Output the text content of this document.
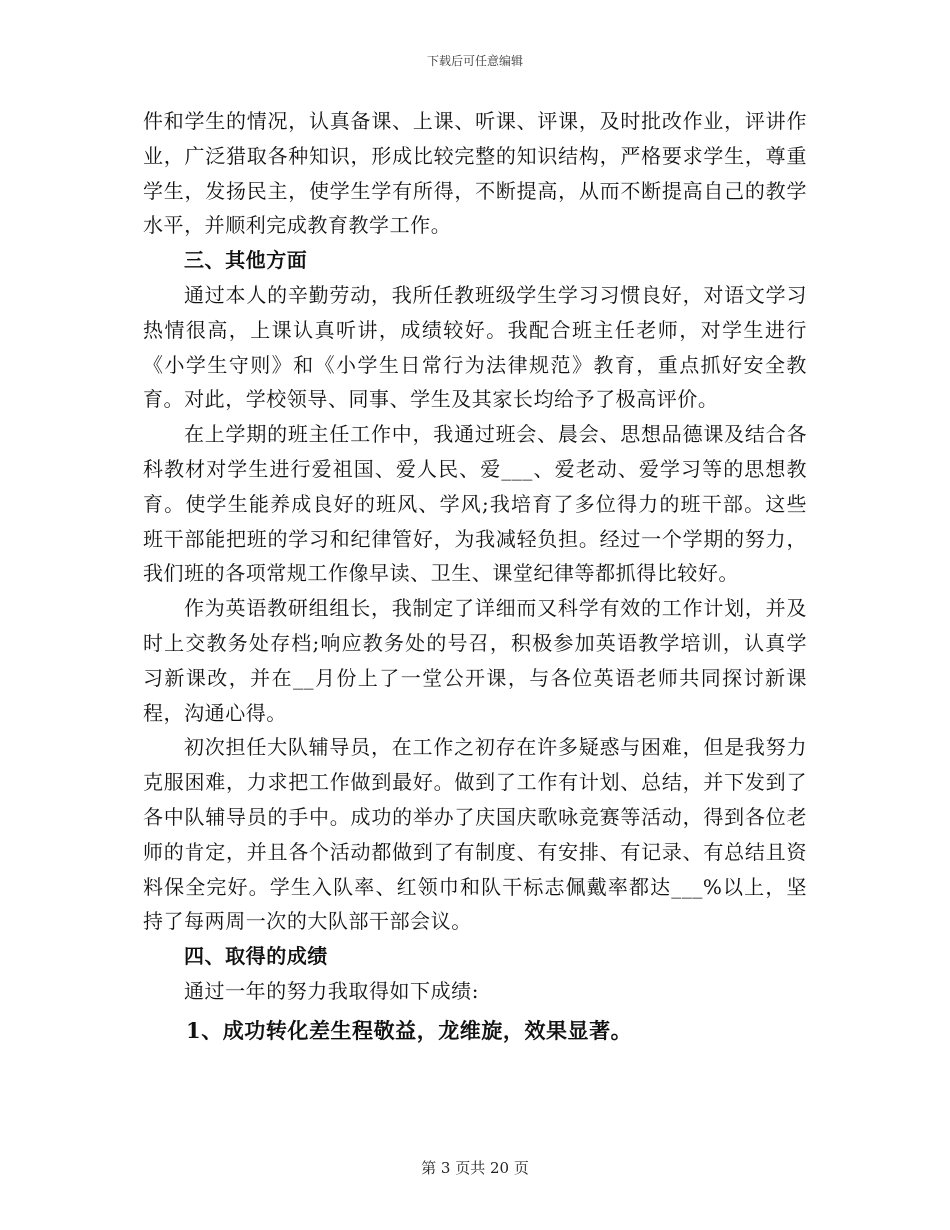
下载后可任意编辑

件和学生的情况，认真备课、上课、听课、评课，及时批改作业，评讲作业，广泛猎取各种知识，形成比较完整的知识结构，严格要求学生，尊重学生，发扬民主，使学生学有所得，不断提高，从而不断提高自己的教学水平，并顺利完成教育教学工作。

三、其他方面

通过本人的辛勤劳动，我所任教班级学生学习习惯良好，对语文学习热情很高，上课认真听讲，成绩较好。我配合班主任老师，对学生进行《小学生守则》和《小学生日常行为法律规范》教育，重点抓好安全教育。对此，学校领导、同事、学生及其家长均给予了极高评价。

在上学期的班主任工作中，我通过班会、晨会、思想品德课及结合各科教材对学生进行爱祖国、爱人民、爱___、爱老动、爱学习等的思想教育。使学生能养成良好的班风、学风;我培育了多位得力的班干部。这些班干部能把班的学习和纪律管好，为我减轻负担。经过一个学期的努力，我们班的各项常规工作像早读、卫生、课堂纪律等都抓得比较好。

作为英语教研组组长，我制定了详细而又科学有效的工作计划，并及时上交教务处存档;响应教务处的号召，积极参加英语教学培训，认真学习新课改，并在__月份上了一堂公开课，与各位英语老师共同探讨新课程，沟通心得。

初次担任大队辅导员，在工作之初存在许多疑惑与困难，但是我努力克服困难，力求把工作做到最好。做到了工作有计划、总结，并下发到了各中队辅导员的手中。成功的举办了庆国庆歌咏竞赛等活动，得到各位老师的肯定，并且各个活动都做到了有制度、有安排、有记录、有总结且资料保全完好。学生入队率、红领巾和队干标志佩戴率都达___%以上，坚持了每两周一次的大队部干部会议。

四、取得的成绩

通过一年的努力我取得如下成绩:

1、成功转化差生程敬益，龙维旋，效果显著。

第 3 页共 20 页
